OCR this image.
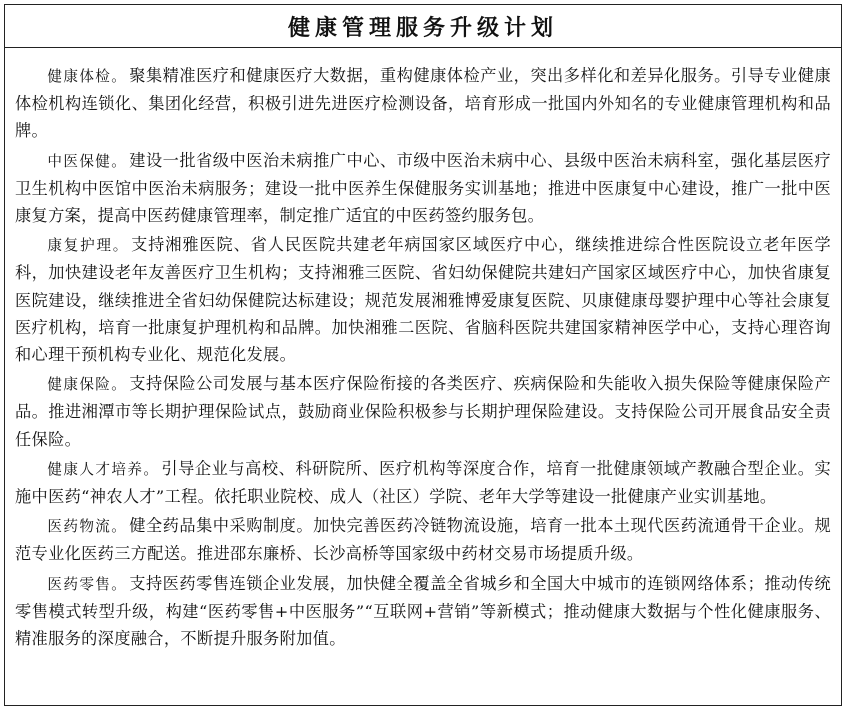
健康管理服务升级计划

健康体检。 聚集精准医疗和健康医疗大数据，重构健康体检产业，突出多样化和差异化服务。引导专业健康体检机构连锁化、集团化经营，积极引进先进医疗检测设备，培育形成一批国内外知名的专业健康管理机构和品牌。

中医保健。 建设一批省级中医治未病推广中心、市级中医治未病中心、县级中医治未病科室，强化基层医疗卫生机构中医馆中医治未病服务；建设一批中医养生保健服务实训基地；推进中医康复中心建设，推广一批中医康复方案，提高中医药健康管理率，制定推广适宜的中医药签约服务包。

康复护理。 支持湘雅医院、省人民医院共建老年病国家区域医疗中心，继续推进综合性医院设立老年医学科，加快建设老年友善医疗卫生机构；支持湘雅三医院、省妇幼保健院共建妇产国家区域医疗中心，加快省康复医院建设，继续推进全省妇幼保健院达标建设；规范发展湘雅博爱康复医院、贝康健康母婴护理中心等社会康复医疗机构，培育一批康复护理机构和品牌。加快湘雅二医院、省脑科医院共建国家精神医学中心，支持心理咨询和心理干预机构专业化、规范化发展。

健康保险。 支持保险公司发展与基本医疗保险衔接的各类医疗、疾病保险和失能收入损失保险等健康保险产品。推进湘潭市等长期护理保险试点，鼓励商业保险积极参与长期护理保险建设。支持保险公司开展食品安全责任保险。

健康人才培养。 引导企业与高校、科研院所、医疗机构等深度合作，培育一批健康领域产教融合型企业。实施中医药“神农人才”工程。依托职业院校、成人（社区）学院、老年大学等建设一批健康产业实训基地。

医药物流。 健全药品集中采购制度。加快完善医药冷链物流设施，培育一批本土现代医药流通骨干企业。规范专业化医药三方配送。推进邵东廉桥、长沙高桥等国家级中药材交易市场提质升级。

医药零售。 支持医药零售连锁企业发展，加快健全覆盖全省城乡和全国大中城市的连锁网络体系；推动传统零售模式转型升级，构建“医药零售+中医服务”“互联网+营销”等新模式；推动健康大数据与个性化健康服务、精准服务的深度融合，不断提升服务附加值。
